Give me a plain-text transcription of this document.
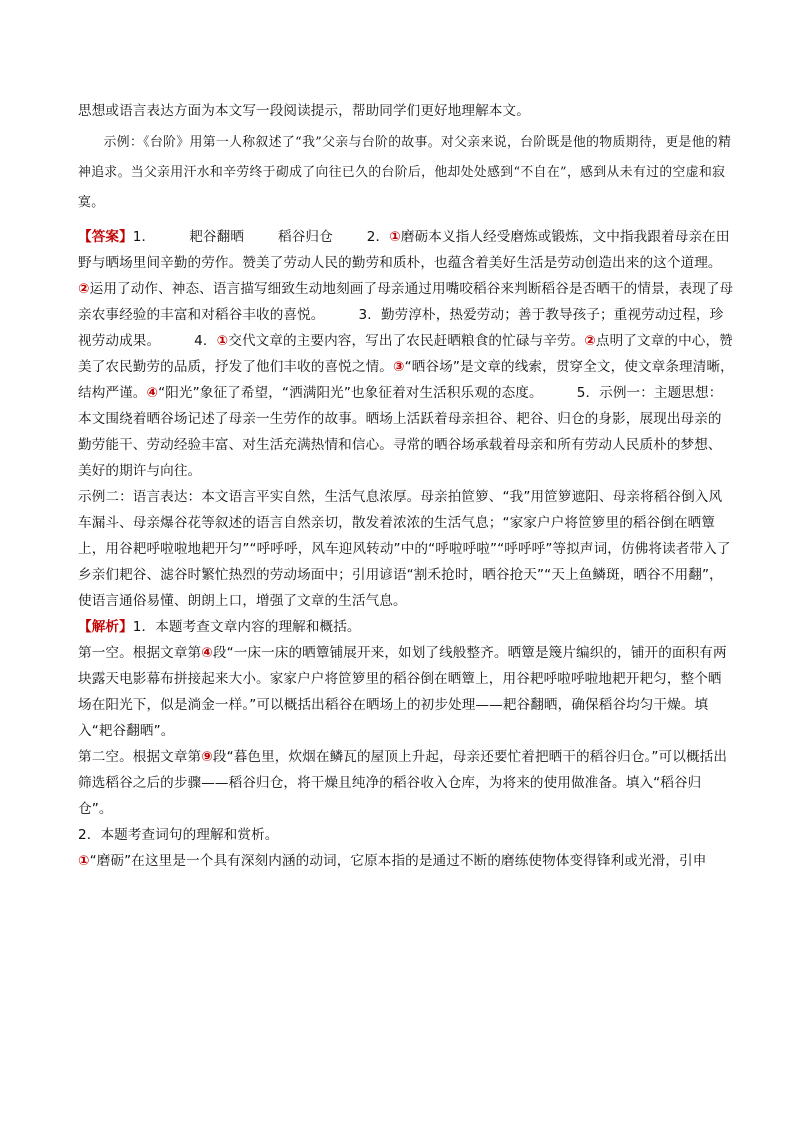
思想或语言表达方面为本文写一段阅读提示，帮助同学们更好地理解本文。

示例：《台阶》用第一人称叙述了“我”父亲与台阶的故事。对父亲来说，台阶既是他的物质期待，更是他的精神追求。当父亲用汗水和辛劳终于砌成了向往已久的台阶后，他却处处感到“不自在”，感到从未有过的空虚和寂寞。

【答案】1．	耙谷翻晒	稻谷归仓	2．①磨砺本义指人经受磨炼或锻炼，文中指我跟着母亲在田野与晒场里间辛勤的劳作。赞美了劳动人民的勤劳和质朴，也蕴含着美好生活是劳动创造出来的这个道理。

②运用了动作、神态、语言描写细致生动地刻画了母亲通过用嘴咬稻谷来判断稻谷是否晒干的情景，表现了母亲农事经验的丰富和对稻谷丰收的喜悦。	3．勤劳淳朴，热爱劳动；善于教导孩子；重视劳动过程，珍视劳动成果。	4．①交代文章的主要内容，写出了农民赶晒粮食的忙碌与辛劳。②点明了文章的中心，赞美了农民勤劳的品质，抒发了他们丰收的喜悦之情。③“晒谷场”是文章的线索，贯穿全文，使文章条理清晰，结构严谨。④“阳光”象征了希望，“洒满阳光”也象征着对生活积乐观的态度。	5．示例一：主题思想：本文围绕着晒谷场记述了母亲一生劳作的故事。晒场上活跃着母亲担谷、耙谷、归仓的身影，展现出母亲的勤劳能干、劳动经验丰富、对生活充满热情和信心。寻常的晒谷场承载着母亲和所有劳动人民质朴的梦想、美好的期许与向往。

示例二：语言表达：本文语言平实自然，生活气息浓厚。母亲拍笸箩、“我”用笸箩遮阳、母亲将稻谷倒入风车漏斗、母亲爆谷花等叙述的语言自然亲切，散发着浓浓的生活气息；“家家户户将笸箩里的稻谷倒在晒簟上，用谷耙呼啦啦地耙开匀”“呼呼呼，风车迎风转动”中的“呼啦呼啦”“呼呼呼”等拟声词，仿佛将读者带入了乡亲们耙谷、滤谷时繁忙热烈的劳动场面中；引用谚语“割禾抢时，晒谷抢天”“天上鱼鳞斑，晒谷不用翻”，使语言通俗易懂、朗朗上口，增强了文章的生活气息。

【解析】1．本题考查文章内容的理解和概括。

第一空。根据文章第④段“一床一床的晒簟铺展开来，如划了线般整齐。晒簟是篾片编织的，铺开的面积有两块露天电影幕布拼接起来大小。家家户户将笸箩里的稻谷倒在晒簟上，用谷耙呼啦呼啦地耙开耙匀，整个晒场在阳光下，似是淌金一样。”可以概括出稻谷在晒场上的初步处理——耙谷翻晒，确保稻谷均匀干燥。填入“耙谷翻晒”。

第二空。根据文章第⑨段“暮色里，炊烟在鳞瓦的屋顶上升起，母亲还要忙着把晒干的稻谷归仓。”可以概括出筛选稻谷之后的步骤——稻谷归仓，将干燥且纯净的稻谷收入仓库，为将来的使用做准备。填入“稻谷归仓”。

2．本题考查词句的理解和赏析。

①“磨砺”在这里是一个具有深刻内涵的动词，它原本指的是通过不断的磨练使物体变得锋利或光滑，引申
